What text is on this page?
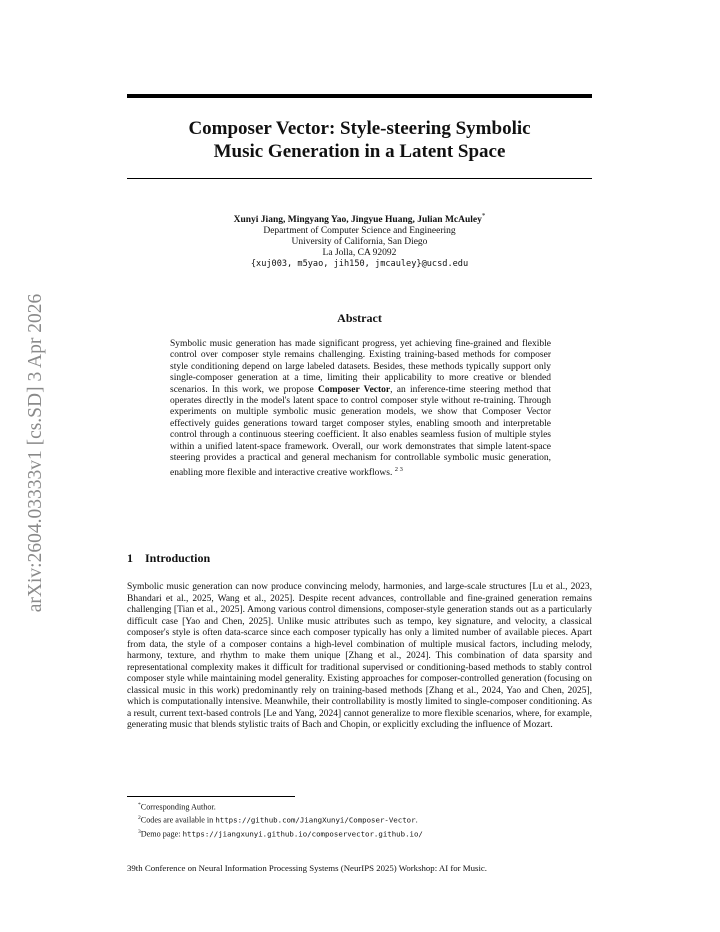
arXiv:2604.03333v1 [cs.SD] 3 Apr 2026
Composer Vector: Style-steering Symbolic
Music Generation in a Latent Space
Xunyi Jiang, Mingyang Yao, Jingyue Huang, Julian McAuley*
Department of Computer Science and Engineering
University of California, San Diego
La Jolla, CA 92092
{xuj003, m5yao, jih150, jmcauley}@ucsd.edu
Abstract
Symbolic music generation has made significant progress, yet achieving fine-grained and flexible control over composer style remains challenging. Existing training-based methods for composer style conditioning depend on large labeled datasets. Besides, these methods typically support only single-composer generation at a time, limiting their applicability to more creative or blended scenarios. In this work, we propose Composer Vector, an inference-time steering method that operates directly in the model's latent space to control composer style without re-training. Through experiments on multiple symbolic music generation models, we show that Composer Vector effectively guides generations toward target composer styles, enabling smooth and interpretable control through a continuous steering coefficient. It also enables seamless fusion of multiple styles within a unified latent-space framework. Overall, our work demonstrates that simple latent-space steering provides a practical and general mechanism for controllable symbolic music generation, enabling more flexible and interactive creative workflows. $^{2 3}$
1 Introduction
Symbolic music generation can now produce convincing melody, harmonies, and large-scale structures [Lu et al., 2023, Bhandari et al., 2025, Wang et al., 2025]. Despite recent advances, controllable and fine-grained generation remains challenging [Tian et al., 2025]. Among various control dimensions, composer-style generation stands out as a particularly difficult case [Yao and Chen, 2025]. Unlike music attributes such as tempo, key signature, and velocity, a classical composer's style is often data-scarce since each composer typically has only a limited number of available pieces. Apart from data, the style of a composer contains a high-level combination of multiple musical factors, including melody, harmony, texture, and rhythm to make them unique [Zhang et al., 2024]. This combination of data sparsity and representational complexity makes it difficult for traditional supervised or conditioning-based methods to stably control composer style while maintaining model generality. Existing approaches for composer-controlled generation (focusing on classical music in this work) predominantly rely on training-based methods [Zhang et al., 2024, Yao and Chen, 2025], which is computationally intensive. Meanwhile, their controllability is mostly limited to single-composer conditioning. As a result, current text-based controls [Le and Yang, 2024] cannot generalize to more flexible scenarios, where, for example, generating music that blends stylistic traits of Bach and Chopin, or explicitly excluding the influence of Mozart.
*Corresponding Author.
$^2$Codes are available in https://github.com/JiangXunyi/Composer-Vector.
$^3$Demo page: https://jiangxunyi.github.io/composervector.github.io/
39th Conference on Neural Information Processing Systems (NeurIPS 2025) Workshop: AI for Music.
